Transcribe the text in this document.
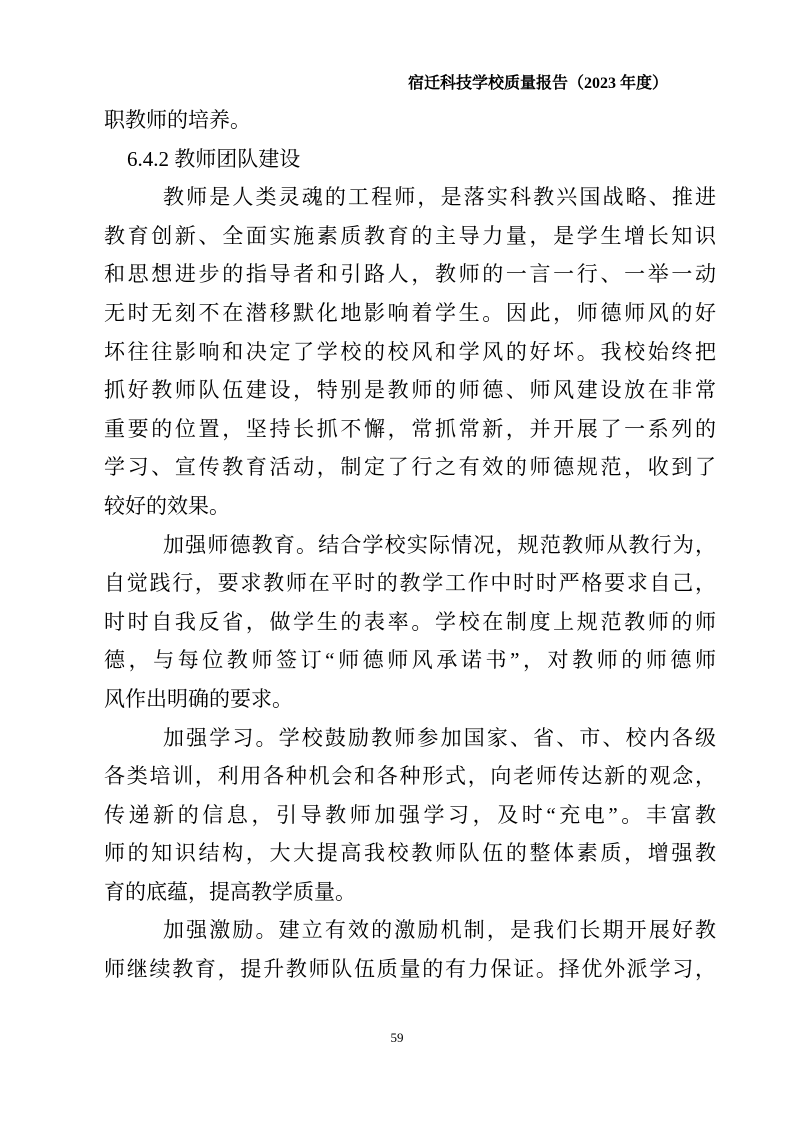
宿迁科技学校质量报告（2023 年度）
职教师的培养。
6.4.2 教师团队建设
教师是人类灵魂的工程师，是落实科教兴国战略、推进
教育创新、全面实施素质教育的主导力量，是学生增长知识
和思想进步的指导者和引路人，教师的一言一行、一举一动
无时无刻不在潜移默化地影响着学生。因此，师德师风的好
坏往往影响和决定了学校的校风和学风的好坏。我校始终把
抓好教师队伍建设，特别是教师的师德、师风建设放在非常
重要的位置，坚持长抓不懈，常抓常新，并开展了一系列的
学习、宣传教育活动，制定了行之有效的师德规范，收到了
较好的效果。
加强师德教育。结合学校实际情况，规范教师从教行为，
自觉践行，要求教师在平时的教学工作中时时严格要求自己，
时时自我反省，做学生的表率。学校在制度上规范教师的师
德，与每位教师签订“师德师风承诺书”，对教师的师德师
风作出明确的要求。
加强学习。学校鼓励教师参加国家、省、市、校内各级
各类培训，利用各种机会和各种形式，向老师传达新的观念，
传递新的信息，引导教师加强学习，及时“充电”。丰富教
师的知识结构，大大提高我校教师队伍的整体素质，增强教
育的底蕴，提高教学质量。
加强激励。建立有效的激励机制，是我们长期开展好教
师继续教育，提升教师队伍质量的有力保证。择优外派学习，
59
